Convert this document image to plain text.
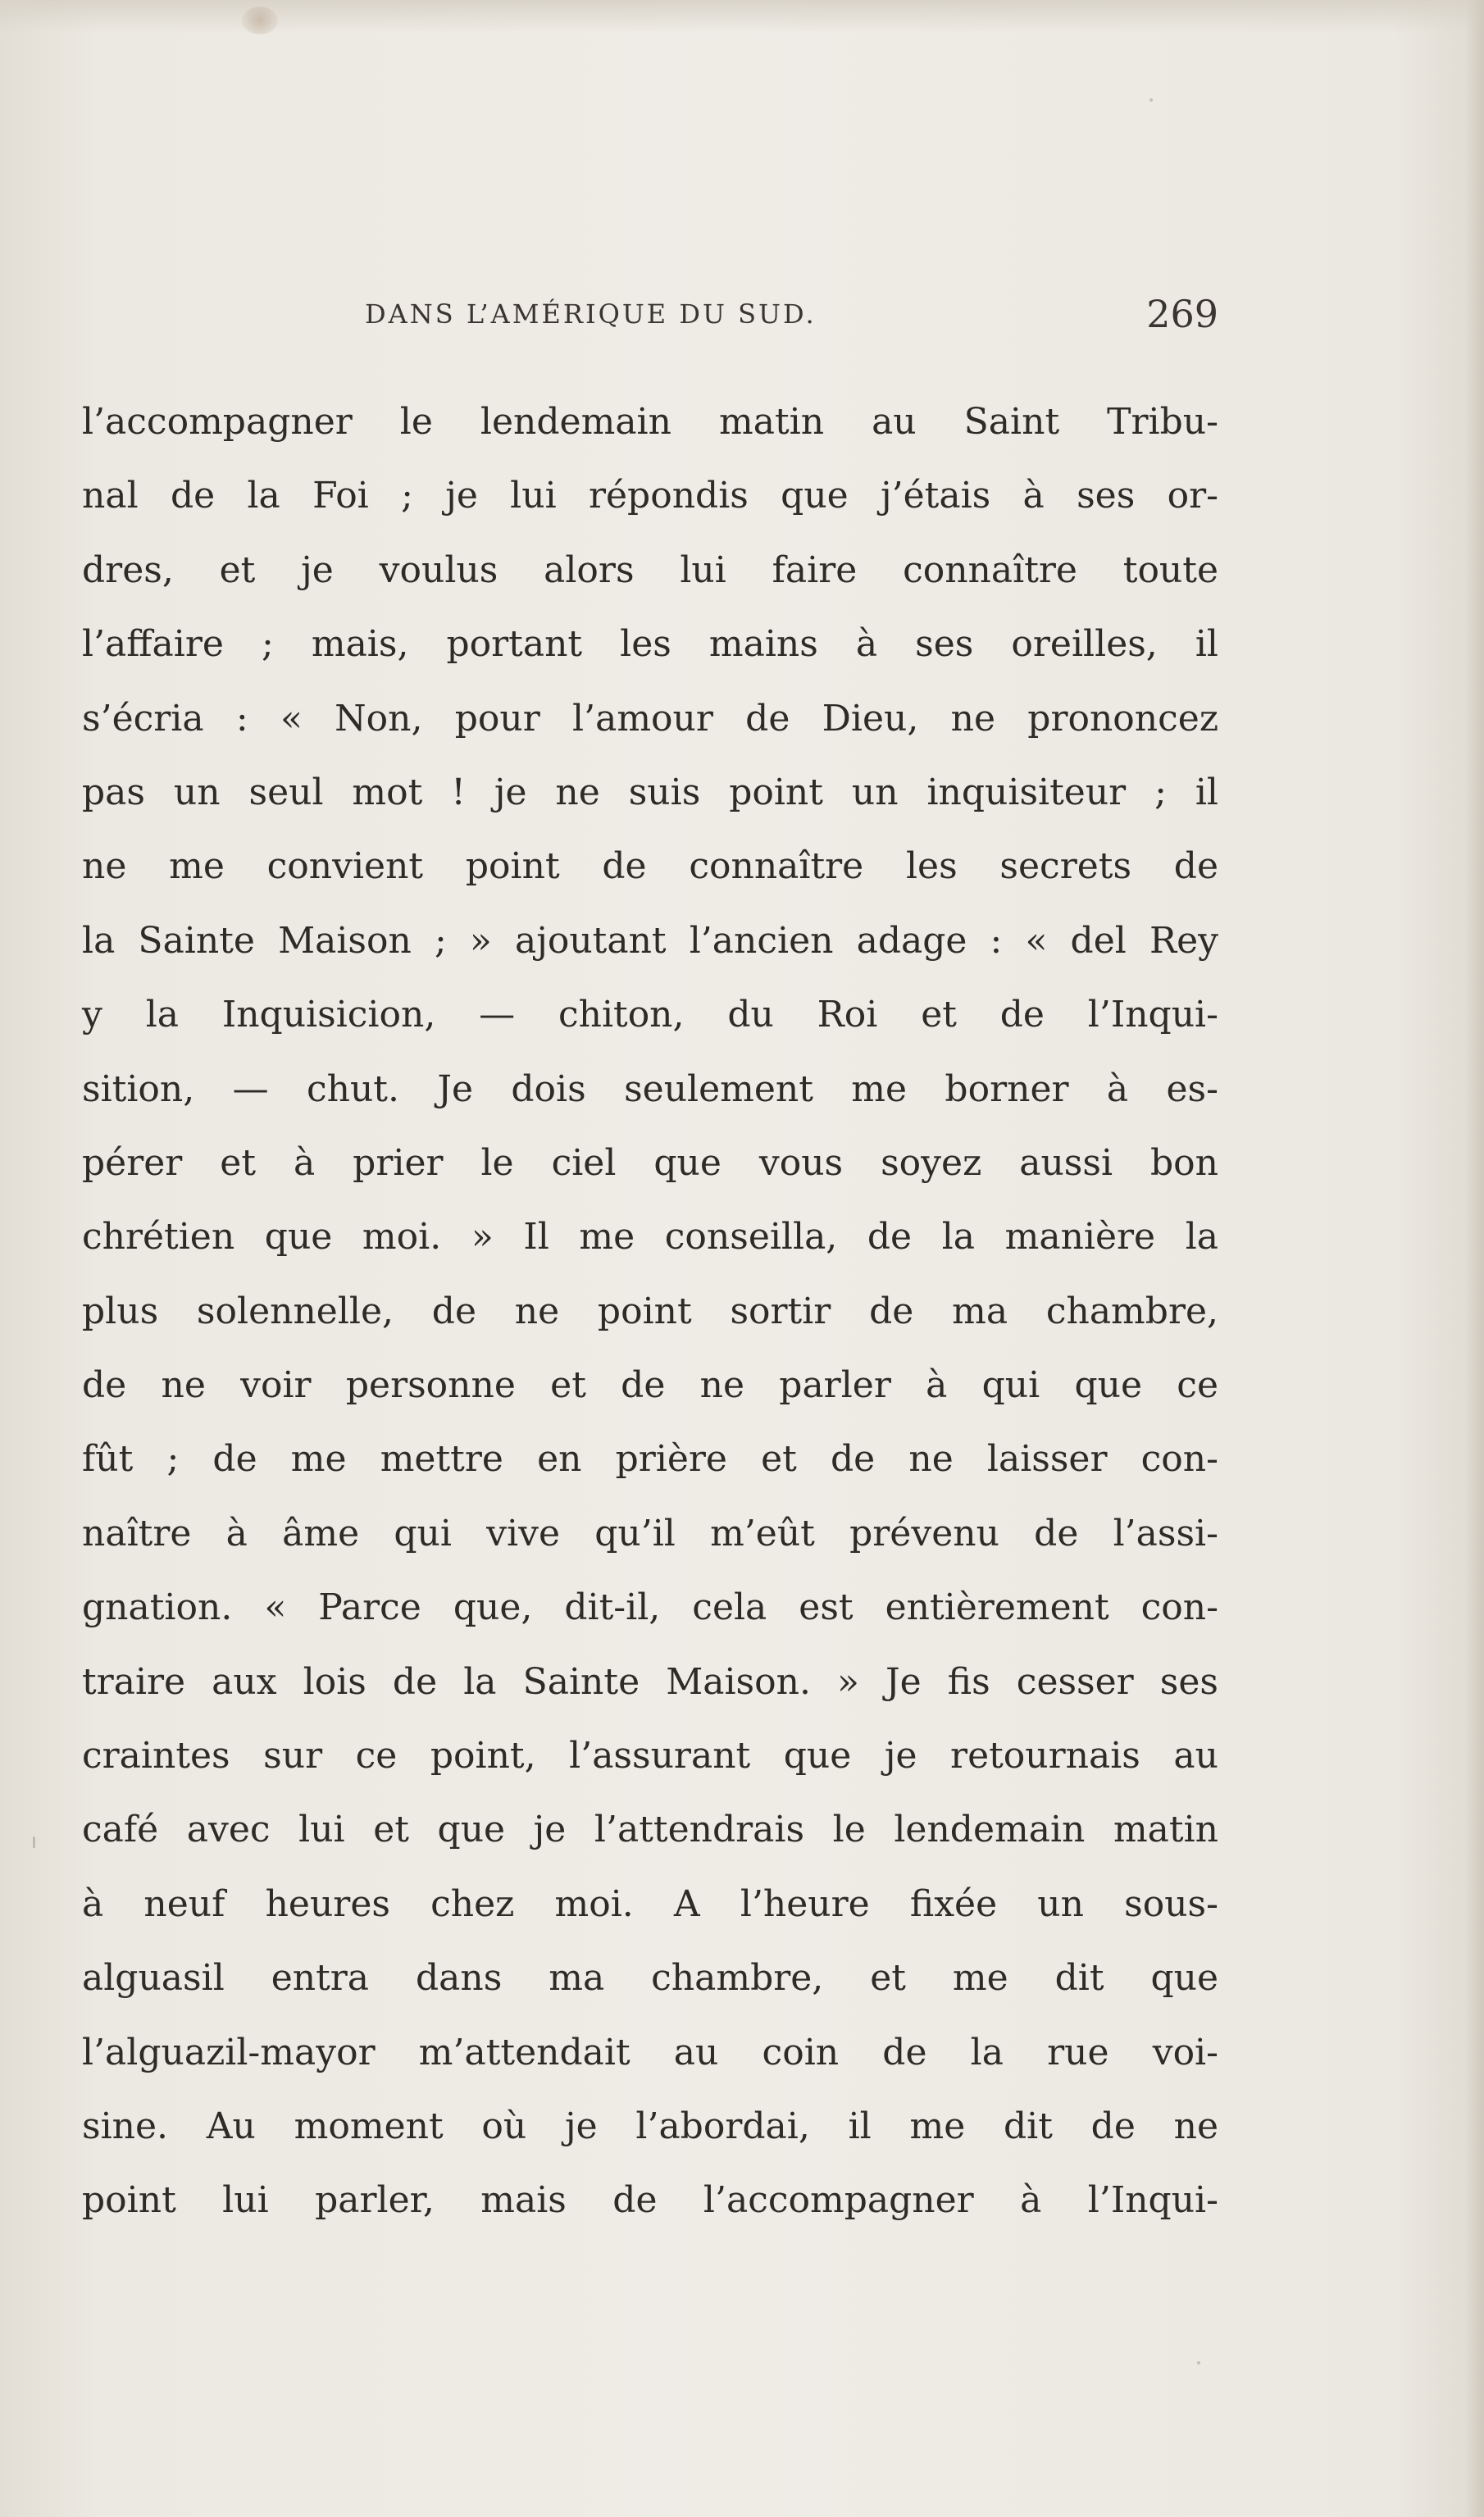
DANS L’AMÉRIQUE DU SUD.	269

l’accompagner le lendemain matin au Saint Tribu-
nal de la Foi ; je lui répondis que j’étais à ses or-
dres, et je voulus alors lui faire connaître toute
l’affaire ; mais, portant les mains à ses oreilles, il
s’écria : « Non, pour l’amour de Dieu, ne prononcez
pas un seul mot ! je ne suis point un inquisiteur ; il
ne me convient point de connaître les secrets de
la Sainte Maison ; » ajoutant l’ancien adage : « del Rey
y la Inquisicion, — chiton, du Roi et de l’Inqui-
sition, — chut. Je dois seulement me borner à es-
pérer et à prier le ciel que vous soyez aussi bon
chrétien que moi. » Il me conseilla, de la manière la
plus solennelle, de ne point sortir de ma chambre,
de ne voir personne et de ne parler à qui que ce
fût ; de me mettre en prière et de ne laisser con-
naître à âme qui vive qu’il m’eût prévenu de l’assi-
gnation. « Parce que, dit-il, cela est entièrement con-
traire aux lois de la Sainte Maison. » Je fis cesser ses
craintes sur ce point, l’assurant que je retournais au
café avec lui et que je l’attendrais le lendemain matin
à neuf heures chez moi. A l’heure fixée un sous-
alguasil entra dans ma chambre, et me dit que
l’alguazil-mayor m’attendait au coin de la rue voi-
sine. Au moment où je l’abordai, il me dit de ne
point lui parler, mais de l’accompagner à l’Inqui-
